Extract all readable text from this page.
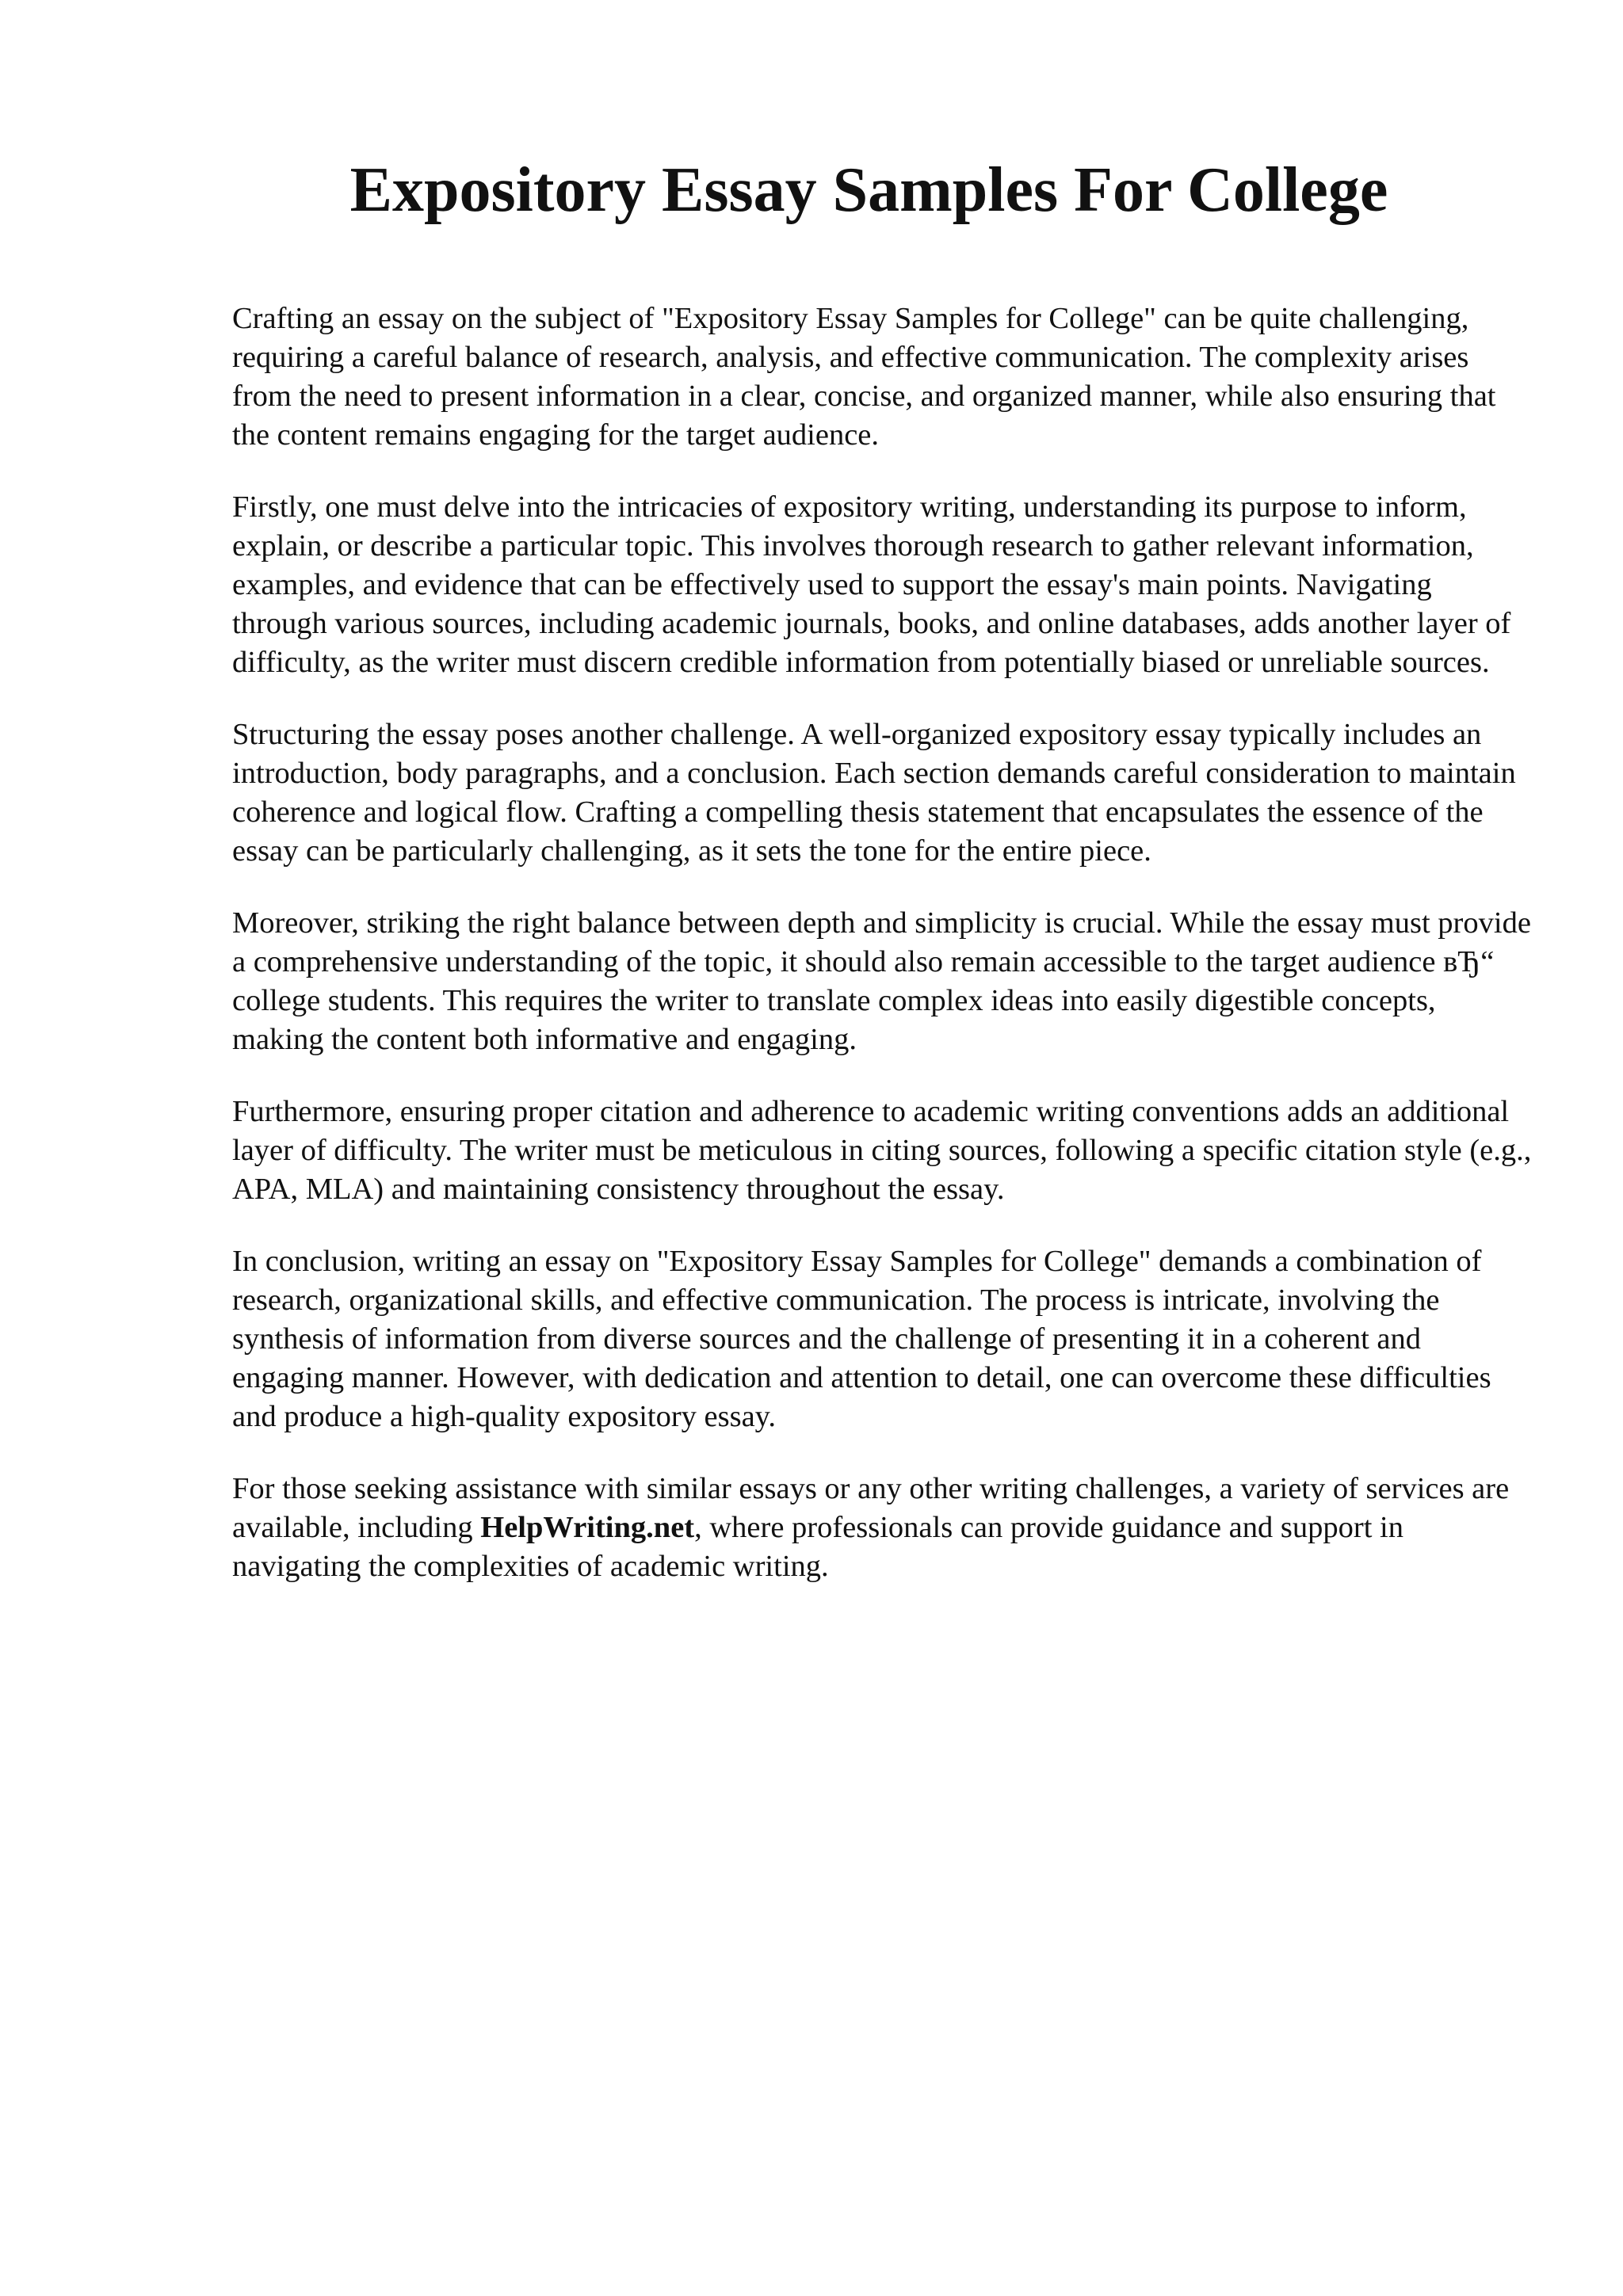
Expository Essay Samples For College

Crafting an essay on the subject of "Expository Essay Samples for College" can be quite challenging, requiring a careful balance of research, analysis, and effective communication. The complexity arises from the need to present information in a clear, concise, and organized manner, while also ensuring that the content remains engaging for the target audience.

Firstly, one must delve into the intricacies of expository writing, understanding its purpose to inform, explain, or describe a particular topic. This involves thorough research to gather relevant information, examples, and evidence that can be effectively used to support the essay's main points. Navigating through various sources, including academic journals, books, and online databases, adds another layer of difficulty, as the writer must discern credible information from potentially biased or unreliable sources.

Structuring the essay poses another challenge. A well-organized expository essay typically includes an introduction, body paragraphs, and a conclusion. Each section demands careful consideration to maintain coherence and logical flow. Crafting a compelling thesis statement that encapsulates the essence of the essay can be particularly challenging, as it sets the tone for the entire piece.

Moreover, striking the right balance between depth and simplicity is crucial. While the essay must provide a comprehensive understanding of the topic, it should also remain accessible to the target audience вЂ“ college students. This requires the writer to translate complex ideas into easily digestible concepts, making the content both informative and engaging.

Furthermore, ensuring proper citation and adherence to academic writing conventions adds an additional layer of difficulty. The writer must be meticulous in citing sources, following a specific citation style (e.g., APA, MLA) and maintaining consistency throughout the essay.

In conclusion, writing an essay on "Expository Essay Samples for College" demands a combination of research, organizational skills, and effective communication. The process is intricate, involving the synthesis of information from diverse sources and the challenge of presenting it in a coherent and engaging manner. However, with dedication and attention to detail, one can overcome these difficulties and produce a high-quality expository essay.

For those seeking assistance with similar essays or any other writing challenges, a variety of services are available, including HelpWriting.net, where professionals can provide guidance and support in navigating the complexities of academic writing.
